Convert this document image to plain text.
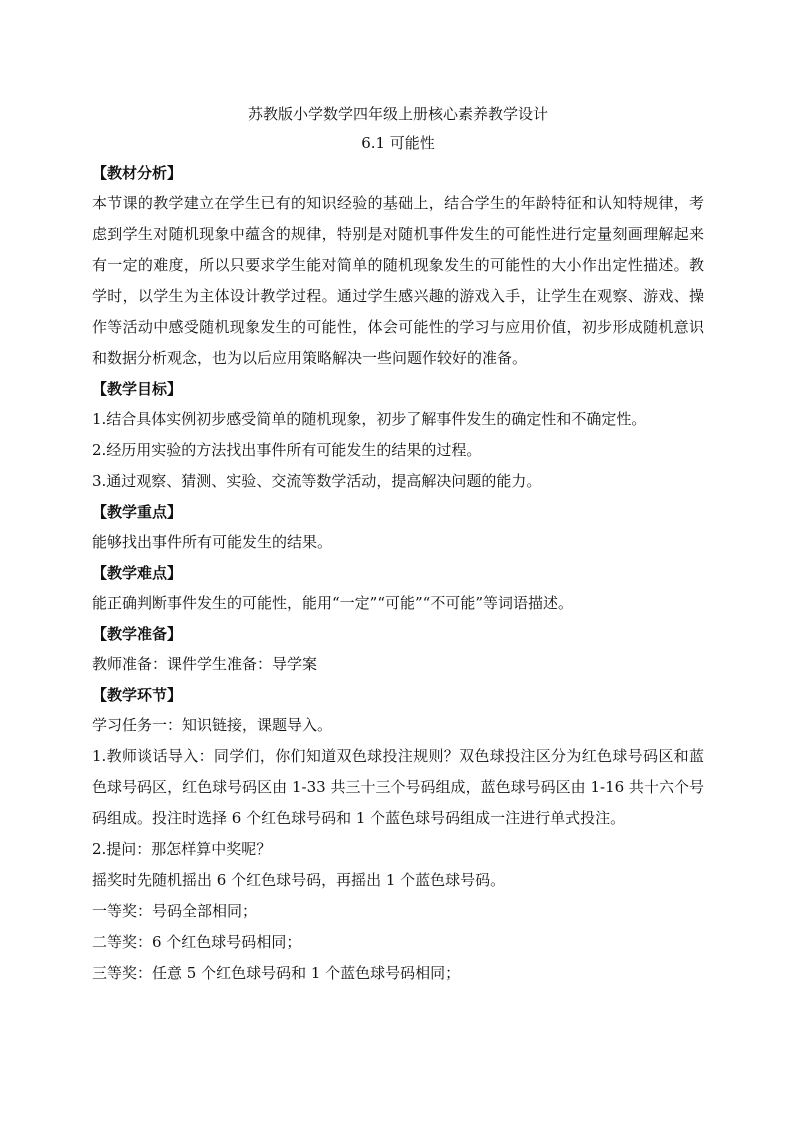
苏教版小学数学四年级上册核心素养教学设计
6.1 可能性
【教材分析】

本节课的教学建立在学生已有的知识经验的基础上，结合学生的年龄特征和认知特规律，考虑到学生对随机现象中蕴含的规律，特别是对随机事件发生的可能性进行定量刻画理解起来有一定的难度，所以只要求学生能对简单的随机现象发生的可能性的大小作出定性描述。教学时，以学生为主体设计教学过程。通过学生感兴趣的游戏入手，让学生在观察、游戏、操作等活动中感受随机现象发生的可能性，体会可能性的学习与应用价值，初步形成随机意识和数据分析观念，也为以后应用策略解决一些问题作较好的准备。

【教学目标】
1.结合具体实例初步感受简单的随机现象，初步了解事件发生的确定性和不确定性。
2.经历用实验的方法找出事件所有可能发生的结果的过程。
3.通过观察、猜测、实验、交流等数学活动，提高解决问题的能力。
【教学重点】
能够找出事件所有可能发生的结果。
【教学难点】
能正确判断事件发生的可能性，能用“一定”“可能”“不可能”等词语描述。
【教学准备】
教师准备：课件学生准备：导学案
【教学环节】
学习任务一：知识链接，课题导入。

1.教师谈话导入：同学们，你们知道双色球投注规则？双色球投注区分为红色球号码区和蓝色球号码区，红色球号码区由 1-33 共三十三个号码组成，蓝色球号码区由 1-16 共十六个号码组成。投注时选择 6 个红色球号码和 1 个蓝色球号码组成一注进行单式投注。

2.提问：那怎样算中奖呢？
摇奖时先随机摇出 6 个红色球号码，再摇出 1 个蓝色球号码。
一等奖：号码全部相同；
二等奖：6 个红色球号码相同；
三等奖：任意 5 个红色球号码和 1 个蓝色球号码相同；
